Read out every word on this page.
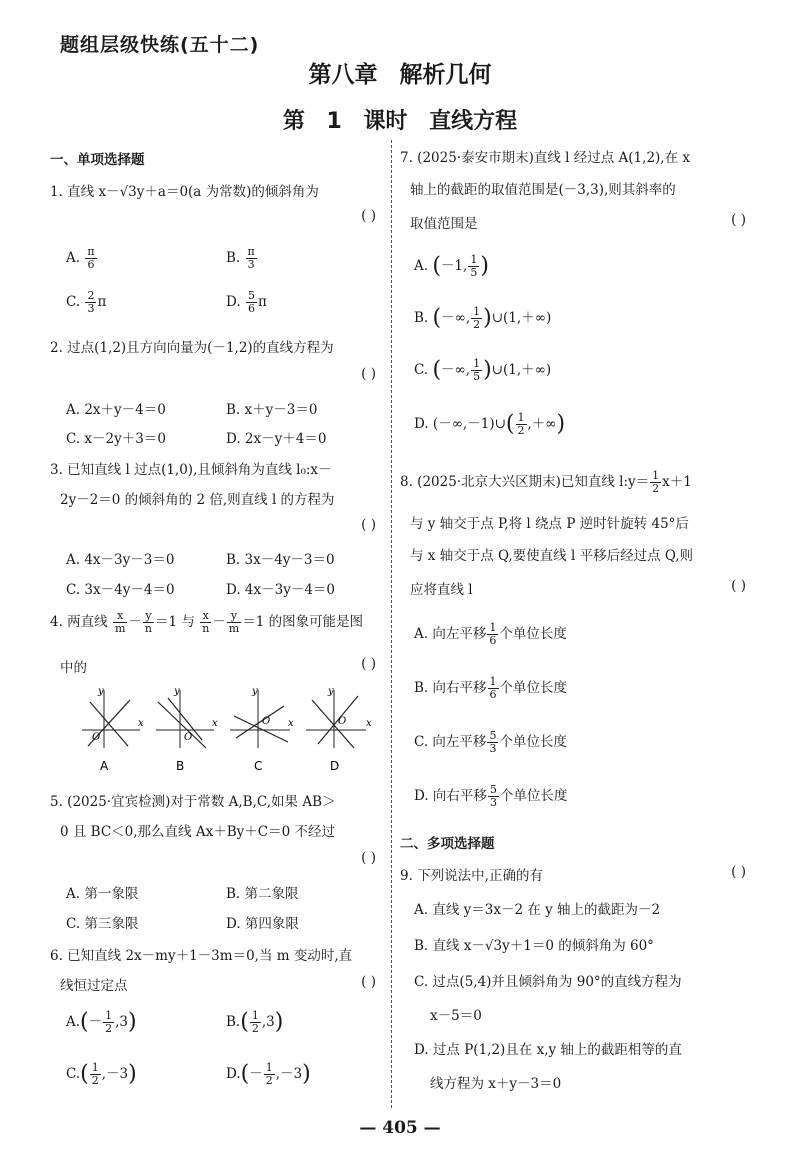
题组层级快练(五十二)
第八章 解析几何
第 1 课时 直线方程
一、单项选择题
1. 直线 x－√3y＋a＝0(a 为常数)的倾斜角为
( )
A. $\frac{\pi}{6}$	B. $\frac{\pi}{3}$
C. $\frac{2}{3}$ π	D. $\frac{5}{6}$ π
2. 过点(1,2)且方向向量为(－1,2)的直线方程为
( )
A. 2x＋y－4＝0	B. x＋y－3＝0
C. x－2y＋3＝0	D. 2x－y＋4＝0
3. 已知直线 l 过点(1,0),且倾斜角为直线 l₀:x－
2y－2＝0 的倾斜角的 2 倍,则直线 l 的方程为
( )
A. 4x－3y－3＝0	B. 3x－4y－3＝0
C. 3x－4y－4＝0	D. 4x－3y－4＝0
4. 两直线 $\frac{x}{m} - \frac{y}{n} =1$ 与 $\frac{x}{n} - \frac{y}{m} =1$ 的图象可能是图
中的	( )
y
O
x
y
O
x
y
O x
y
O x
A	B	C	D
5. (2025·宜宾检测)对于常数 A,B,C,如果 AB＞
0 且 BC＜0,那么直线 Ax＋By＋C＝0 不经过
( )
A. 第一象限	B. 第二象限
C. 第三象限	D. 第四象限
6. 已知直线 2x－my＋1－3m＝0,当 m 变动时,直
线恒过定点	( )
$A.(- \frac{1}{2} ,3)$	$B.( \frac{1}{2} ,3)$
$C.( \frac{1}{2} ,-3)$	$D.(- \frac{1}{2} ,-3)$
7. (2025·泰安市期末)直线 l 经过点 A(1,2),在 x
轴上的截距的取值范围是(－3,3),则其斜率的
取值范围是	( )
A. (－1, $\frac{1}{5}$ )
B. (－∞, $\frac{1}{2}$ )∪(1,＋∞)
C. (－∞, $\frac{1}{5}$ )∪(1,＋∞)
D. (－∞,－1)∪( $\frac{1}{2}$ ,＋∞)
8. (2025·北京大兴区期末)已知直线 l:y＝ $\frac{1}{2} x+1$
与 y 轴交于点 P,将 l 绕点 P 逆时针旋转 45°后
与 x 轴交于点 Q,要使直线 l 平移后经过点 Q,则
应将直线 l	( )
A. 向左平移 $\frac{1}{6}$ 个单位长度
B. 向右平移 $\frac{1}{6}$ 个单位长度
C. 向左平移 $\frac{5}{3}$ 个单位长度
D. 向右平移 $\frac{5}{3}$ 个单位长度
二、多项选择题
9. 下列说法中,正确的有	( )
A. 直线 y＝3x－2 在 y 轴上的截距为－2
B. 直线 x－√3y＋1＝0 的倾斜角为 60°
C. 过点(5,4)并且倾斜角为 90°的直线方程为
x－5＝0
D. 过点 P(1,2)且在 x,y 轴上的截距相等的直
线方程为 x＋y－3＝0
— 405 —
